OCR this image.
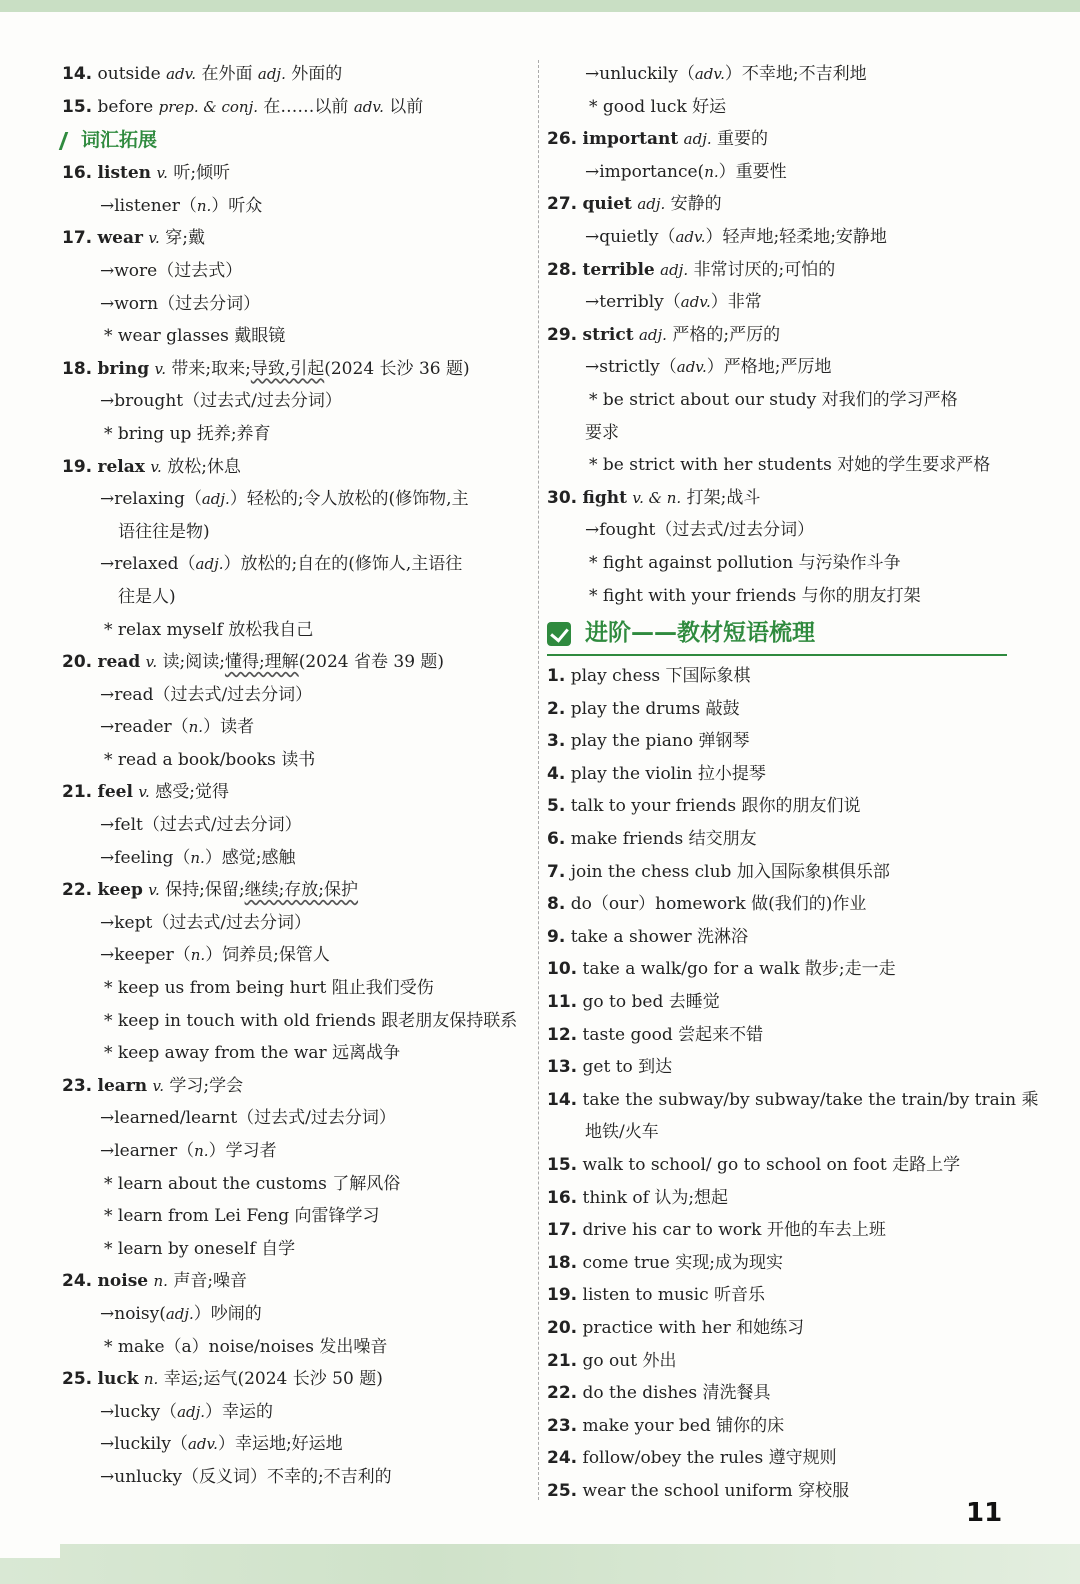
14. outside adv. 在外面 adj. 外面的
15. before prep. & conj. 在……以前 adv. 以前
词汇拓展
16. listen v. 听;倾听
→listener（n.）听众
17. wear v. 穿;戴
→wore（过去式）
→worn（过去分词）
* wear glasses 戴眼镜
18. bring v. 带来;取来;导致,引起(2024 长沙 36 题)
→brought（过去式/过去分词）
* bring up 抚养;养育
19. relax v. 放松;休息
→relaxing（adj.）轻松的;令人放松的(修饰物,主
语往往是物)
→relaxed（adj.）放松的;自在的(修饰人,主语往
往是人)
* relax myself 放松我自己
20. read v. 读;阅读;懂得;理解(2024 省卷 39 题)
→read（过去式/过去分词）
→reader（n.）读者
* read a book/books 读书
21. feel v. 感受;觉得
→felt（过去式/过去分词）
→feeling（n.）感觉;感触
22. keep v. 保持;保留;继续;存放;保护
→kept（过去式/过去分词）
→keeper（n.）饲养员;保管人
* keep us from being hurt 阻止我们受伤
* keep in touch with old friends 跟老朋友保持联系
* keep away from the war 远离战争
23. learn v. 学习;学会
→learned/learnt（过去式/过去分词）
→learner（n.）学习者
* learn about the customs 了解风俗
* learn from Lei Feng 向雷锋学习
* learn by oneself 自学
24. noise n. 声音;噪音
→noisy(adj.）吵闹的
* make（a）noise/noises 发出噪音
25. luck n. 幸运;运气(2024 长沙 50 题)
→lucky（adj.）幸运的
→luckily（adv.）幸运地;好运地
→unlucky（反义词）不幸的;不吉利的
→unluckily（adv.）不幸地;不吉利地
* good luck 好运
26. important adj. 重要的
→importance(n.）重要性
27. quiet adj. 安静的
→quietly（adv.）轻声地;轻柔地;安静地
28. terrible adj. 非常讨厌的;可怕的
→terribly（adv.）非常
29. strict adj. 严格的;严厉的
→strictly（adv.）严格地;严厉地
* be strict about our study 对我们的学习严格
要求
* be strict with her students 对她的学生要求严格
30. fight v. & n. 打架;战斗
→fought（过去式/过去分词）
* fight against pollution 与污染作斗争
* fight with your friends 与你的朋友打架
进阶——教材短语梳理
1. play chess 下国际象棋
2. play the drums 敲鼓
3. play the piano 弹钢琴
4. play the violin 拉小提琴
5. talk to your friends 跟你的朋友们说
6. make friends 结交朋友
7. join the chess club 加入国际象棋俱乐部
8. do（our）homework 做(我们的)作业
9. take a shower 洗淋浴
10. take a walk/go for a walk 散步;走一走
11. go to bed 去睡觉
12. taste good 尝起来不错
13. get to 到达
14. take the subway/by subway/take the train/by train 乘
地铁/火车
15. walk to school/ go to school on foot 走路上学
16. think of 认为;想起
17. drive his car to work 开他的车去上班
18. come true 实现;成为现实
19. listen to music 听音乐
20. practice with her 和她练习
21. go out 外出
22. do the dishes 清洗餐具
23. make your bed 铺你的床
24. follow/obey the rules 遵守规则
25. wear the school uniform 穿校服
11
